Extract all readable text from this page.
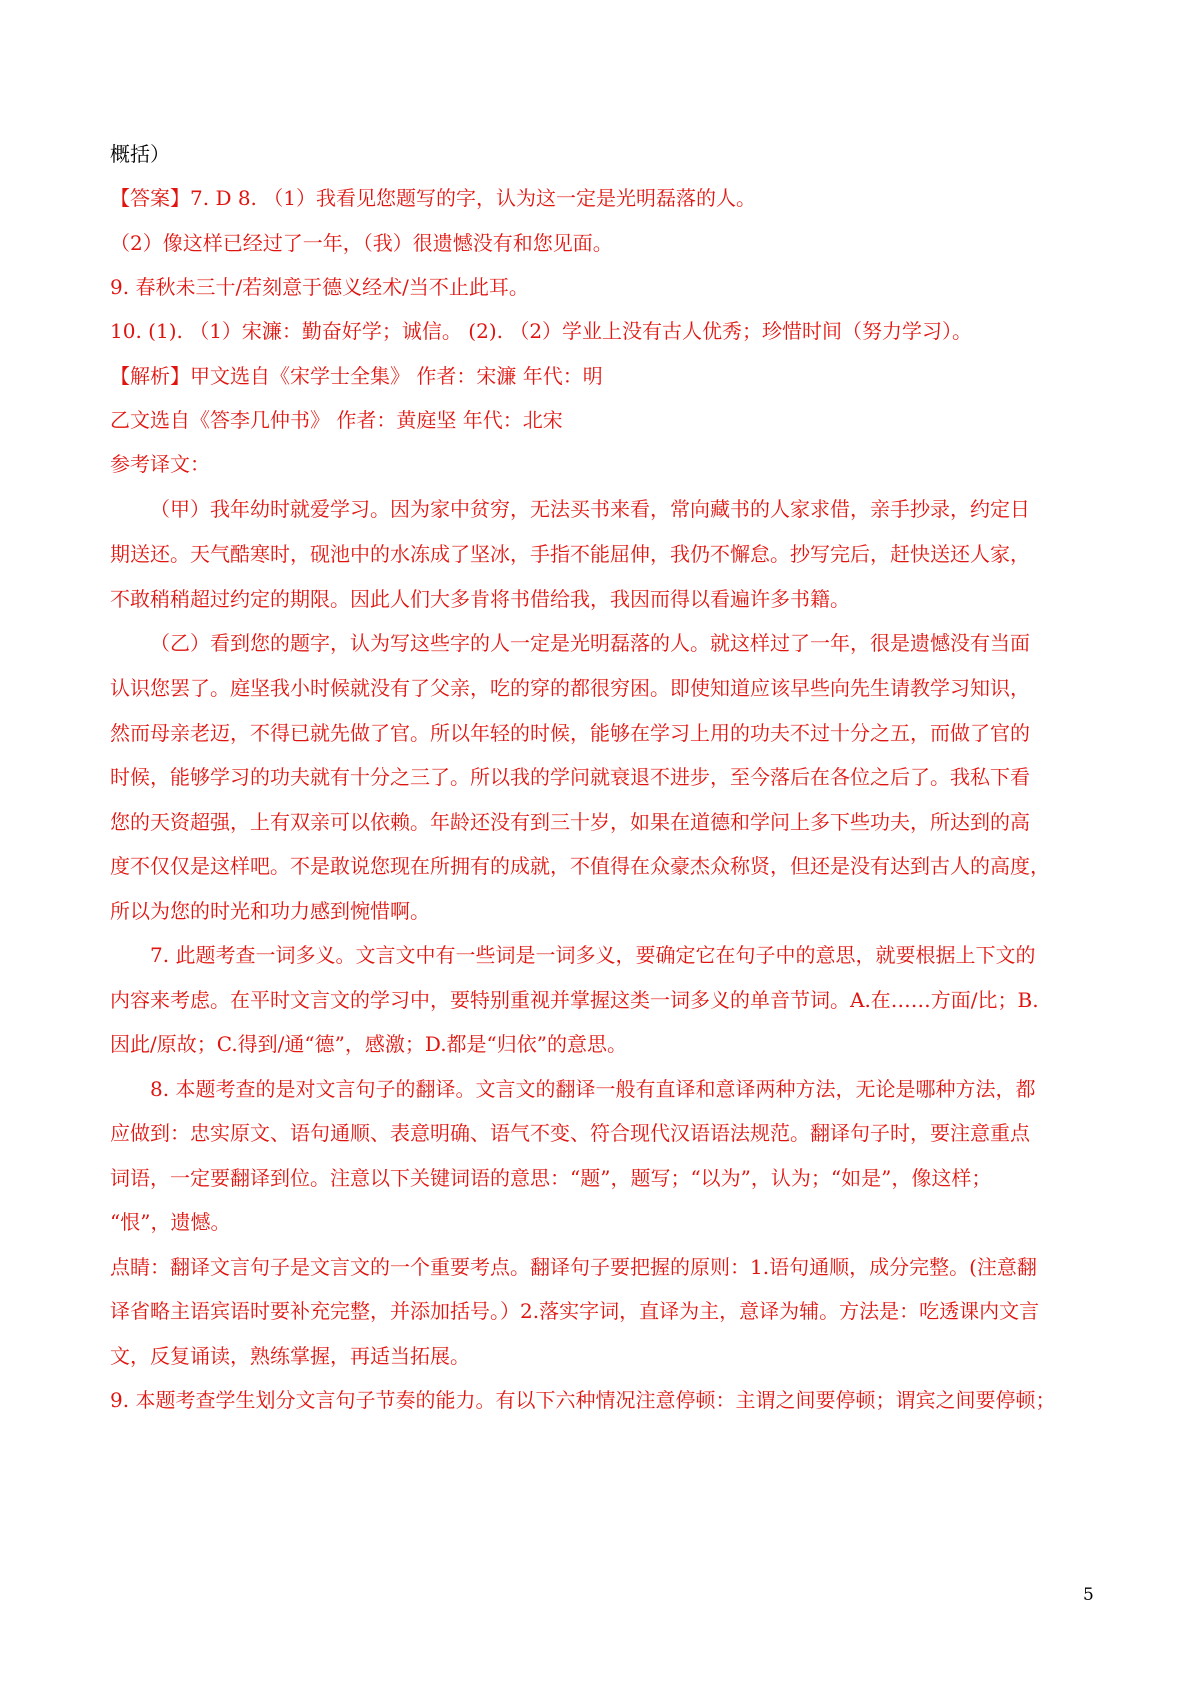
概括）
【答案】7. D 8. （1）我看见您题写的字，认为这一定是光明磊落的人。
（2）像这样已经过了一年，（我）很遗憾没有和您见面。
9. 春秋未三十/若刻意于德义经术/当不止此耳。
10. (1). （1）宋濂：勤奋好学；诚信。 (2). （2）学业上没有古人优秀；珍惜时间（努力学习）。
【解析】甲文选自《宋学士全集》 作者：宋濂 年代：明
乙文选自《答李几仲书》 作者：黄庭坚 年代：北宋
参考译文：
（甲）我年幼时就爱学习。因为家中贫穷，无法买书来看，常向藏书的人家求借，亲手抄录，约定日
期送还。天气酷寒时，砚池中的水冻成了坚冰，手指不能屈伸，我仍不懈怠。抄写完后，赶快送还人家，
不敢稍稍超过约定的期限。因此人们大多肯将书借给我，我因而得以看遍许多书籍。
（乙）看到您的题字，认为写这些字的人一定是光明磊落的人。就这样过了一年，很是遗憾没有当面
认识您罢了。庭坚我小时候就没有了父亲，吃的穿的都很穷困。即使知道应该早些向先生请教学习知识，
然而母亲老迈，不得已就先做了官。所以年轻的时候，能够在学习上用的功夫不过十分之五，而做了官的
时候，能够学习的功夫就有十分之三了。所以我的学问就衰退不进步，至今落后在各位之后了。我私下看
您的天资超强，上有双亲可以依赖。年龄还没有到三十岁，如果在道德和学问上多下些功夫，所达到的高
度不仅仅是这样吧。不是敢说您现在所拥有的成就，不值得在众豪杰众称贤，但还是没有达到古人的高度，
所以为您的时光和功力感到惋惜啊。
7. 此题考查一词多义。文言文中有一些词是一词多义，要确定它在句子中的意思，就要根据上下文的
内容来考虑。在平时文言文的学习中，要特别重视并掌握这类一词多义的单音节词。A.在……方面/比；B.
因此/原故；C.得到/通“德”，感激；D.都是“归依”的意思。
8. 本题考查的是对文言句子的翻译。文言文的翻译一般有直译和意译两种方法，无论是哪种方法，都
应做到：忠实原文、语句通顺、表意明确、语气不变、符合现代汉语语法规范。翻译句子时，要注意重点
词语，一定要翻译到位。注意以下关键词语的意思：“题”，题写；“以为”，认为；“如是”，像这样；
“恨”，遗憾。
点睛：翻译文言句子是文言文的一个重要考点。翻译句子要把握的原则：1.语句通顺，成分完整。(注意翻
译省略主语宾语时要补充完整，并添加括号。）2.落实字词，直译为主，意译为辅。方法是：吃透课内文言
文，反复诵读，熟练掌握，再适当拓展。
9. 本题考查学生划分文言句子节奏的能力。有以下六种情况注意停顿：主谓之间要停顿；谓宾之间要停顿；
5
